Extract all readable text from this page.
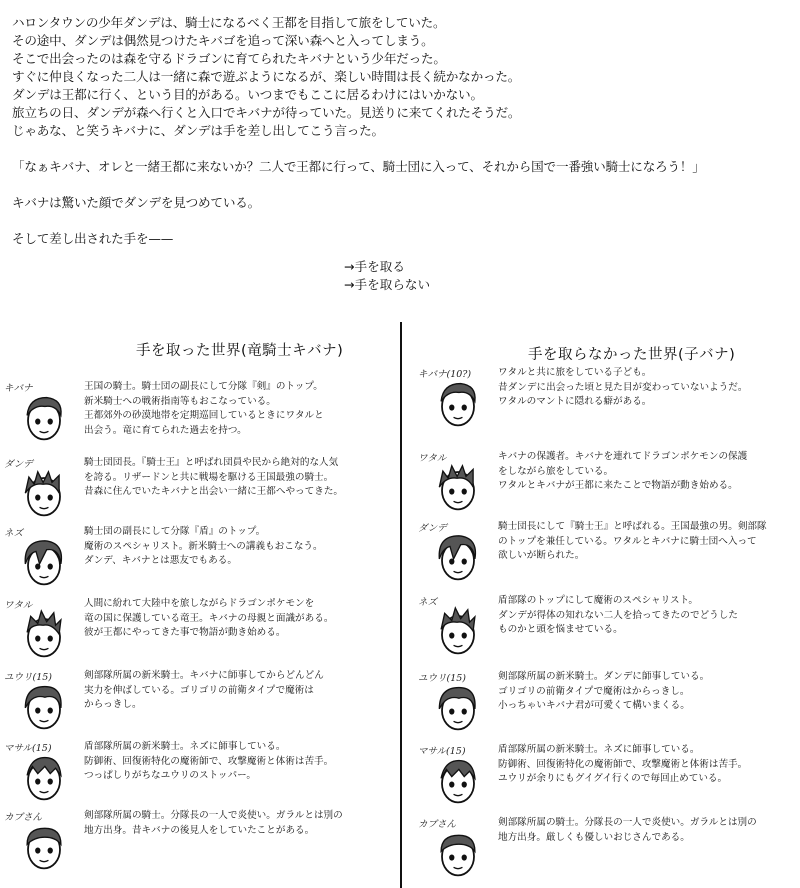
ハロンタウンの少年ダンデは、騎士になるべく王都を目指して旅をしていた。

その途中、ダンデは偶然見つけたキバゴを追って深い森へと入ってしまう。

そこで出会ったのは森を守るドラゴンに育てられたキバナという少年だった。

すぐに仲良くなった二人は一緒に森で遊ぶようになるが、楽しい時間は長く続かなかった。

ダンデは王都に行く、という目的がある。いつまでもここに居るわけにはいかない。

旅立ちの日、ダンデが森へ行くと入口でキバナが待っていた。見送りに来てくれたそうだ。

じゃあな、と笑うキバナに、ダンデは手を差し出してこう言った。

「なぁキバナ、オレと一緒王都に来ないか？二人で王都に行って、騎士団に入って、それから国で一番強い騎士になろう！」

キバナは驚いた顔でダンデを見つめている。

そして差し出された手を——

→手を取る
→手を取らない
手を取った世界(竜騎士キバナ)	手を取らなかった世界(子バナ)
キバナ	王国の騎士。騎士団の副長にして分隊『剣』のトップ。
新米騎士への戦術指南等もおこなっている。
王都郊外の砂漠地帯を定期巡回しているときにワタルと
出会う。竜に育てられた過去を持つ。
ダンデ	騎士団団長。『騎士王』と呼ばれ団員や民から絶対的な人気
を誇る。リザードンと共に戦場を駆ける王国最強の騎士。
昔森に住んでいたキバナと出会い一緒に王都へやってきた。
ネズ	騎士団の副長にして分隊『盾』のトップ。
魔術のスペシャリスト。新米騎士への講義もおこなう。
ダンデ、キバナとは悪友でもある。
ワタル	人間に紛れて大陸中を旅しながらドラゴンポケモンを
竜の国に保護している竜王。キバナの母親と面識がある。
彼が王都にやってきた事で物語が動き始める。
ユウリ(15)	剣部隊所属の新米騎士。キバナに師事してからどんどん
実力を伸ばしている。ゴリゴリの前衛タイプで魔術は
からっきし。
マサル(15)	盾部隊所属の新米騎士。ネズに師事している。
防御術、回復術特化の魔術師で、攻撃魔術と体術は苦手。
つっぱしりがちなユウリのストッパー。
カブさん	剣部隊所属の騎士。分隊長の一人で炎使い。ガラルとは別の
地方出身。昔キバナの後見人をしていたことがある。
キバナ(10?)	ワタルと共に旅をしている子ども。
昔ダンデに出会った頃と見た目が変わっていないようだ。
ワタルのマントに隠れる癖がある。
ワタル	キバナの保護者。キバナを連れてドラゴンポケモンの保護
をしながら旅をしている。
ワタルとキバナが王都に来たことで物語が動き始める。
ダンデ	騎士団長にして『騎士王』と呼ばれる。王国最強の男。剣部隊
のトップを兼任している。ワタルとキバナに騎士団へ入って
欲しいが断られた。
ネズ	盾部隊のトップにして魔術のスペシャリスト。
ダンデが得体の知れない二人を拾ってきたのでどうした
ものかと頭を悩ませている。
ユウリ(15)	剣部隊所属の新米騎士。ダンデに師事している。
ゴリゴリの前衛タイプで魔術はからっきし。
小っちゃいキバナ君が可愛くて構いまくる。
マサル(15)	盾部隊所属の新米騎士。ネズに師事している。
防御術、回復術特化の魔術師で、攻撃魔術と体術は苦手。
ユウリが余りにもグイグイ行くので毎回止めている。
カブさん	剣部隊所属の騎士。分隊長の一人で炎使い。ガラルとは別の
地方出身。厳しくも優しいおじさんである。
